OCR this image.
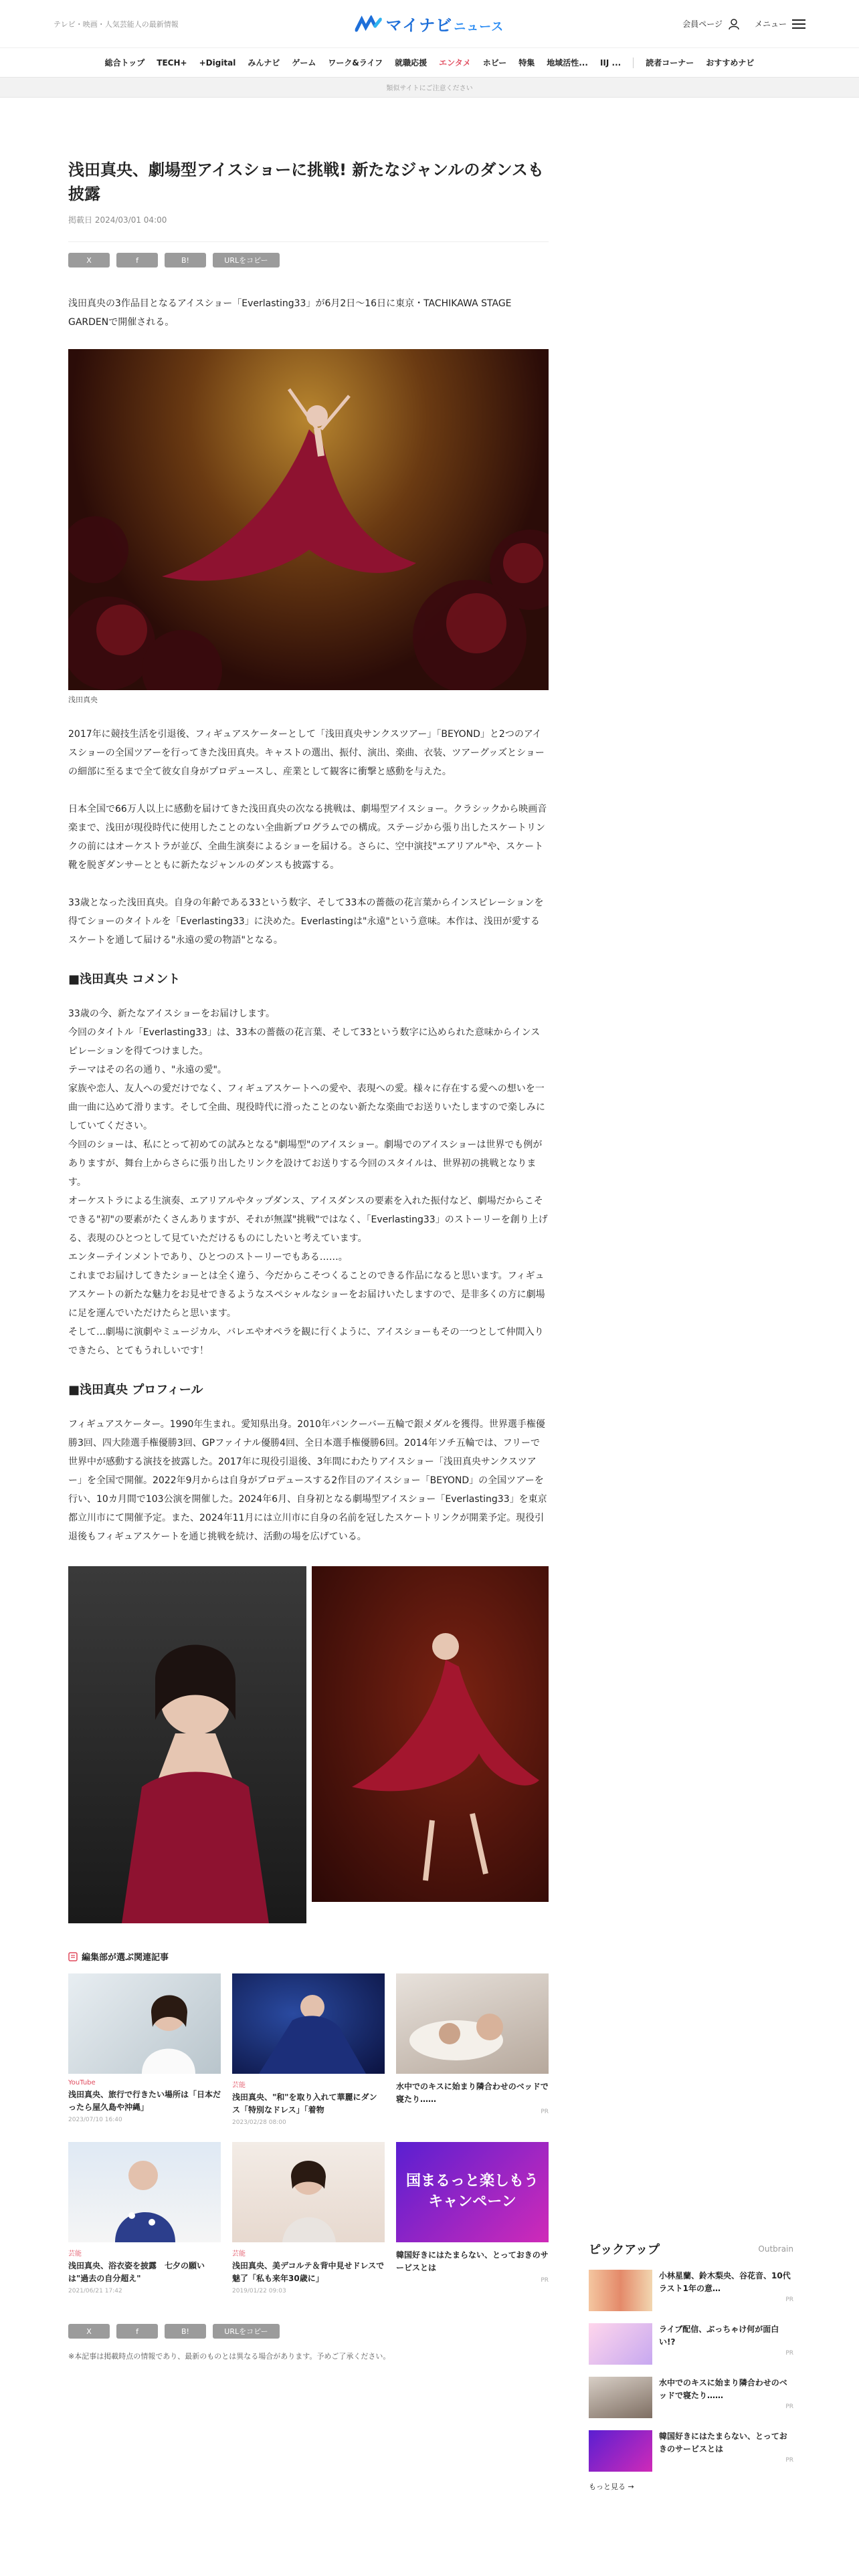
テレビ・映画・人気芸能人の最新情報	マイナビ ニュース	会員ページ	メニュー
総合トップ TECH+ +Digital みんナビ ゲーム ワーク&ライフ 就職応援 エンタメ ホビー 特集 地域活性... IIJ ...	読者コーナー おすすめナビ
類似サイトにご注意ください
浅田真央、劇場型アイスショーに挑戦! 新たなジャンルのダンスも披露
掲載日 2024/03/01 04:00
X	f	B!	URLをコピー

浅田真央の3作品目となるアイスショー「Everlasting33」が6月2日〜16日に東京・TACHIKAWA STAGE GARDENで開催される。

浅田真央

2017年に競技生活を引退後、フィギュアスケーターとして「浅田真央サンクスツアー」「BEYOND」と2つのアイスショーの全国ツアーを行ってきた浅田真央。キャストの選出、振付、演出、楽曲、衣装、ツアーグッズとショーの細部に至るまで全て彼女自身がプロデュースし、産業として観客に衝撃と感動を与えた。

日本全国で66万人以上に感動を届けてきた浅田真央の次なる挑戦は、劇場型アイスショー。クラシックから映画音楽まで、浅田が現役時代に使用したことのない全曲新プログラムでの構成。ステージから張り出したスケートリンクの前にはオーケストラが並び、全曲生演奏によるショーを届ける。さらに、空中演技"エアリアル"や、スケート靴を脱ぎダンサーとともに新たなジャンルのダンスも披露する。

33歳となった浅田真央。自身の年齢である33という数字、そして33本の薔薇の花言葉からインスピレーションを得てショーのタイトルを「Everlasting33」に決めた。Everlastingは"永遠"という意味。本作は、浅田が愛するスケートを通して届ける"永遠の愛の物語"となる。

■浅田真央 コメント
33歳の今、新たなアイスショーをお届けします。
今回のタイトル「Everlasting33」は、33本の薔薇の花言葉、そして33という数字に込められた意味からインスピレーションを得てつけました。
テーマはその名の通り、"永遠の愛"。
家族や恋人、友人への愛だけでなく、フィギュアスケートへの愛や、表現への愛。様々に存在する愛への想いを一曲一曲に込めて滑ります。そして全曲、現役時代に滑ったことのない新たな楽曲でお送りいたしますので楽しみにしていてください。
今回のショーは、私にとって初めての試みとなる"劇場型"のアイスショー。劇場でのアイスショーは世界でも例がありますが、舞台上からさらに張り出したリンクを設けてお送りする今回のスタイルは、世界初の挑戦となります。
オーケストラによる生演奏、エアリアルやタップダンス、アイスダンスの要素を入れた振付など、劇場だからこそできる"初"の要素がたくさんありますが、それが無謀"挑戦"ではなく、「Everlasting33」のストーリーを創り上げる、表現のひとつとして見ていただけるものにしたいと考えています。
エンターテインメントであり、ひとつのストーリーでもある……。
これまでお届けしてきたショーとは全く違う、今だからこそつくることのできる作品になると思います。フィギュアスケートの新たな魅力をお見せできるようなスペシャルなショーをお届けいたしますので、是非多くの方に劇場に足を運んでいただけたらと思います。
そして…劇場に演劇やミュージカル、バレエやオペラを観に行くように、アイスショーもその一つとして仲間入りできたら、とてもうれしいです！
■浅田真央 プロフィール

フィギュアスケーター。1990年生まれ。愛知県出身。2010年バンクーバー五輪で銀メダルを獲得。世界選手権優勝3回、四大陸選手権優勝3回、GPファイナル優勝4回、全日本選手権優勝6回。2014年ソチ五輪では、フリーで世界中が感動する演技を披露した。2017年に現役引退後、3年間にわたりアイスショー「浅田真央サンクスツアー」を全国で開催。2022年9月からは自身がプロデュースする2作目のアイスショー「BEYOND」の全国ツアーを行い、10カ月間で103公演を開催した。2024年6月、自身初となる劇場型アイスショー「Everlasting33」を東京都立川市にて開催予定。また、2024年11月には立川市に自身の名前を冠したスケートリンクが開業予定。現役引退後もフィギュアスケートを通じ挑戦を続け、活動の場を広げている。

編集部が選ぶ関連記事
YouTube
浅田真央、旅行で行きたい場所は「日本だったら屋久島や沖縄」
2023/07/10 16:40
芸能
浅田真央、"和"を取り入れて華麗にダンス「特別なドレス」「着物
2023/02/28 08:00
水中でのキスに始まり隣合わせのベッドで寝たり……
PR
芸能
浅田真央、浴衣姿を披露　七夕の願いは"過去の自分超え"
2021/06/21 17:42
芸能
浅田真央、美デコルテ＆背中見せドレスで魅了「私も来年30歳に」
2019/01/22 09:03
国まるっと楽しもう キャンペーン
韓国好きにはたまらない、とっておきのサービスとは
PR
X	f	B!	URLをコピー
※本記事は掲載時点の情報であり、最新のものとは異なる場合があります。予めご了承ください。
ピックアップ	Outbrain
小林星蘭、鈴木梨央、谷花音、10代ラスト1年の意…
PR
ライブ配信、ぶっちゃけ何が面白い!?
PR
水中でのキスに始まり隣合わせのベッドで寝たり……
PR
韓国好きにはたまらない、とっておきのサービスとは
PR
もっと見る →
